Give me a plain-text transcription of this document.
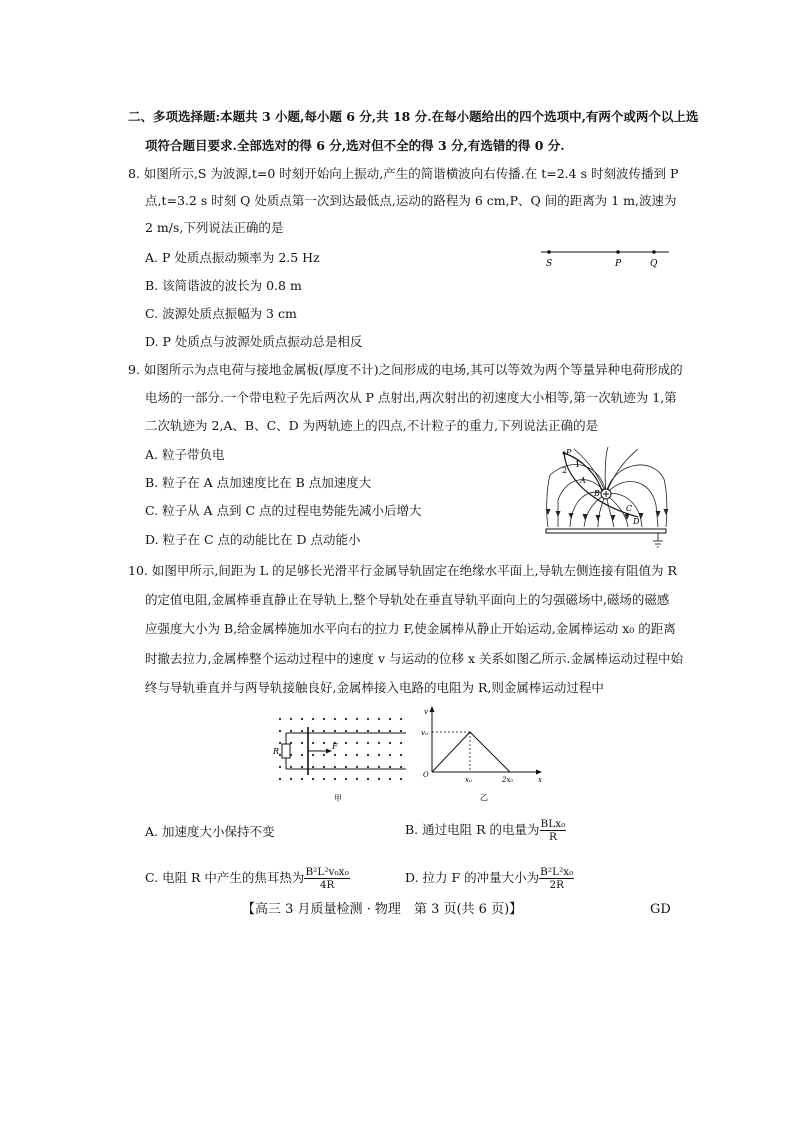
二、多项选择题:本题共 3 小题,每小题 6 分,共 18 分.在每小题给出的四个选项中,有两个或两个以上选
项符合题目要求.全部选对的得 6 分,选对但不全的得 3 分,有选错的得 0 分.
8. 如图所示,S 为波源,t=0 时刻开始向上振动,产生的简谐横波向右传播.在 t=2.4 s 时刻波传播到 P
点,t=3.2 s 时刻 Q 处质点第一次到达最低点,运动的路程为 6 cm,P、Q 间的距离为 1 m,波速为
2 m/s,下列说法正确的是
A. P 处质点振动频率为 2.5 Hz
B. 该简谐波的波长为 0.8 m
C. 波源处质点振幅为 3 cm
D. P 处质点与波源处质点振动总是相反
S	P	Q
9. 如图所示为点电荷与接地金属板(厚度不计)之间形成的电场,其可以等效为两个等量异种电荷形成的
电场的一部分.一个带电粒子先后两次从 P 点射出,两次射出的初速度大小相等,第一次轨迹为 1,第
二次轨迹为 2,A、B、C、D 为两轨迹上的四点,不计粒子的重力,下列说法正确的是
A. 粒子带负电
B. 粒子在 A 点加速度比在 B 点加速度大
C. 粒子从 A 点到 C 点的过程电势能先减小后增大
D. 粒子在 C 点的动能比在 D 点动能小
P
1
2
A
B
C
D
10. 如图甲所示,间距为 L 的足够长光滑平行金属导轨固定在绝缘水平面上,导轨左侧连接有阻值为 R
的定值电阻,金属棒垂直静止在导轨上,整个导轨处在垂直导轨平面向上的匀强磁场中,磁场的磁感
应强度大小为 B,给金属棒施加水平向右的拉力 F,使金属棒从静止开始运动,金属棒运动 x₀ 的距离
时撤去拉力,金属棒整个运动过程中的速度 v 与运动的位移 x 关系如图乙所示.金属棒运动过程中始
终与导轨垂直并与两导轨接触良好,金属棒接入电路的电阻为 R,则金属棒运动过程中
R
F
甲
v
v₀
O
x₀	2x₀	x
乙
A. 加速度大小保持不变	B. 通过电阻 R 的电量为 $\frac{\text{BLx₀}}{R}$
C. 电阻 R 中产生的焦耳热为 $\frac{\text{B²L²v₀x₀}}{4R}$	D. 拉力 F 的冲量大小为 $\frac{\text{B²L²x₀}}{2R}$
【高三 3 月质量检测 · 物理　第 3 页(共 6 页)】	GD
